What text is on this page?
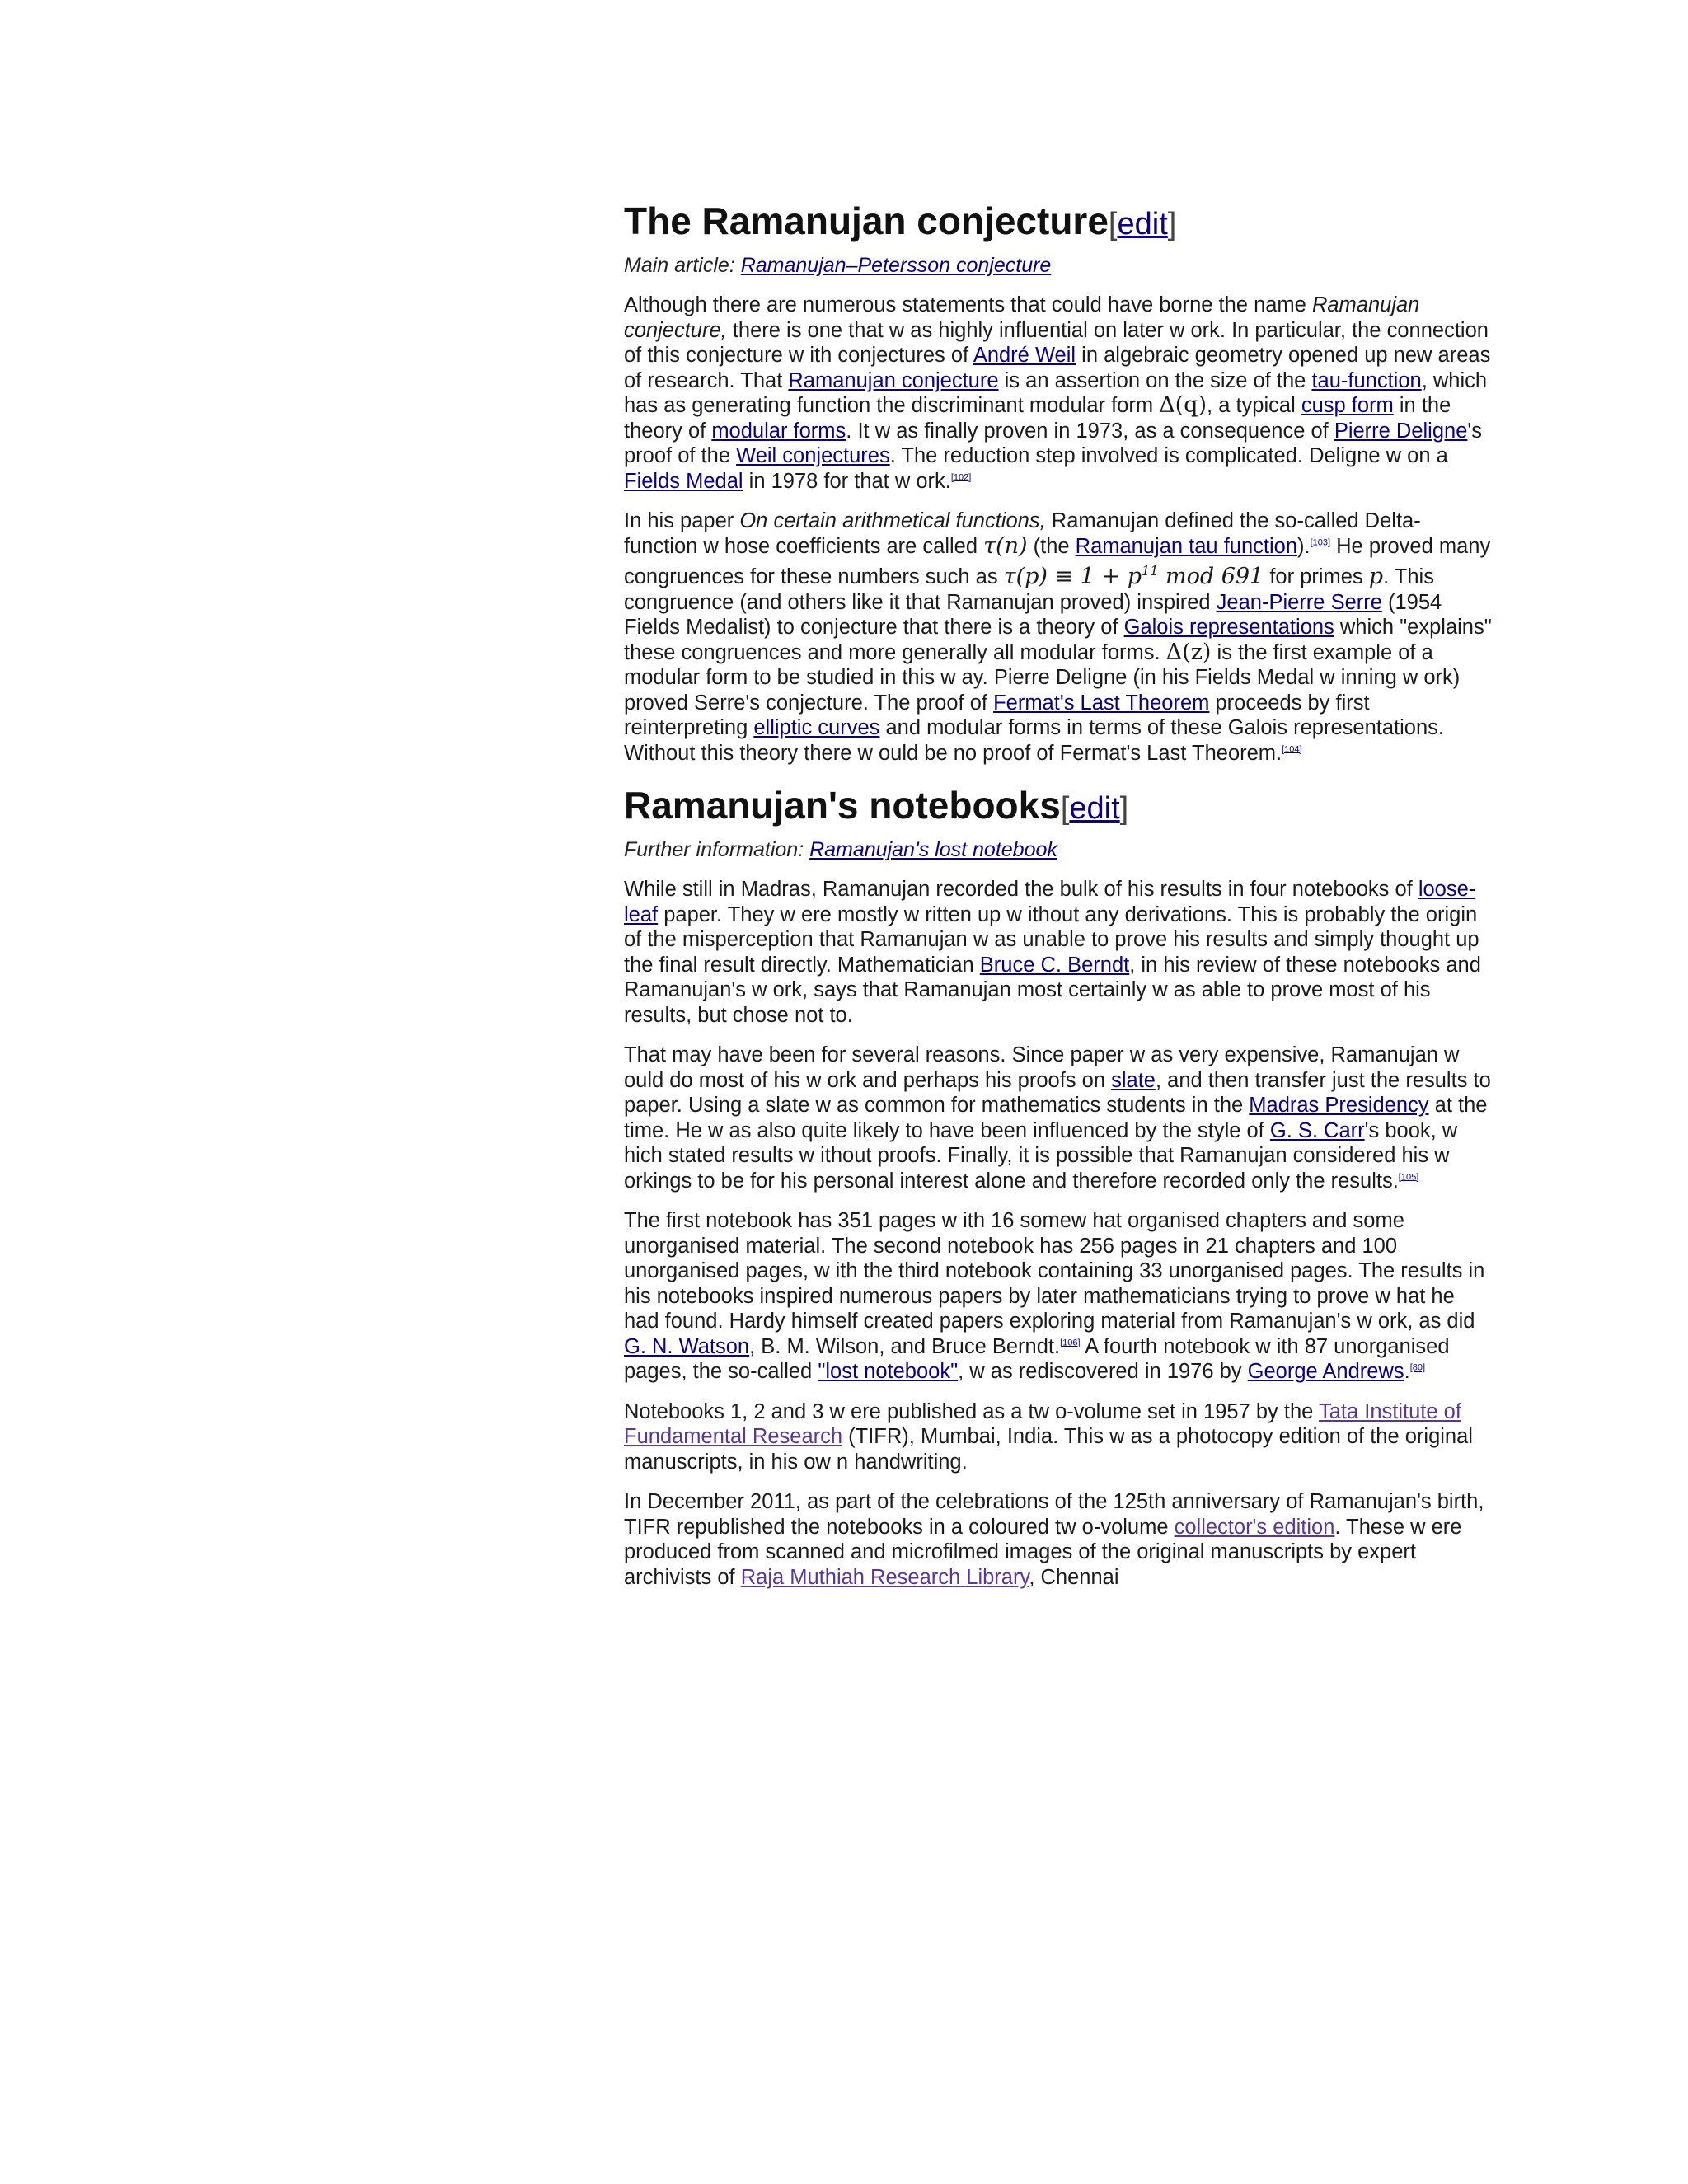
The Ramanujan conjecture[edit]
Main article: Ramanujan–Petersson conjecture

Although there are numerous statements that could have borne the name Ramanujan conjecture, there is one that w as highly influential on later w ork. In particular, the connection of this conjecture w ith conjectures of André Weil in algebraic geometry opened up new areas of research. That Ramanujan conjecture is an assertion on the size of the tau-function, which has as generating function the discriminant modular form Δ(q), a typical cusp form in the theory of modular forms. It w as finally proven in 1973, as a consequence of Pierre Deligne's proof of the Weil conjectures. The reduction step involved is complicated. Deligne w on a Fields Medal in 1978 for that w ork.[102]

In his paper On certain arithmetical functions, Ramanujan defined the so-called Delta-function w hose coefficients are called τ(n) (the Ramanujan tau function).[103] He proved many congruences for these numbers such as $\tau(p) \equiv 1 + p^{11}$ mod 691 for primes p. This congruence (and others like it that Ramanujan proved) inspired Jean-Pierre Serre (1954 Fields Medalist) to conjecture that there is a theory of Galois representations which "explains" these congruences and more generally all modular forms. Δ(z) is the first example of a modular form to be studied in this w ay. Pierre Deligne (in his Fields Medal w inning w ork) proved Serre's conjecture. The proof of Fermat's Last Theorem proceeds by first reinterpreting elliptic curves and modular forms in terms of these Galois representations. Without this theory there w ould be no proof of Fermat's Last Theorem.[104]

Ramanujan's notebooks[edit]
Further information: Ramanujan's lost notebook

While still in Madras, Ramanujan recorded the bulk of his results in four notebooks of loose-leaf paper. They w ere mostly w ritten up w ithout any derivations. This is probably the origin of the misperception that Ramanujan w as unable to prove his results and simply thought up the final result directly. Mathematician Bruce C. Berndt, in his review of these notebooks and Ramanujan's w ork, says that Ramanujan most certainly w as able to prove most of his results, but chose not to.

That may have been for several reasons. Since paper w as very expensive, Ramanujan w ould do most of his w ork and perhaps his proofs on slate, and then transfer just the results to paper. Using a slate w as common for mathematics students in the Madras Presidency at the time. He w as also quite likely to have been influenced by the style of G. S. Carr's book, w hich stated results w ithout proofs. Finally, it is possible that Ramanujan considered his w orkings to be for his personal interest alone and therefore recorded only the results.[105]

The first notebook has 351 pages w ith 16 somew hat organised chapters and some unorganised material. The second notebook has 256 pages in 21 chapters and 100 unorganised pages, w ith the third notebook containing 33 unorganised pages. The results in his notebooks inspired numerous papers by later mathematicians trying to prove w hat he had found. Hardy himself created papers exploring material from Ramanujan's w ork, as did G. N. Watson, B. M. Wilson, and Bruce Berndt.[106] A fourth notebook w ith 87 unorganised pages, the so-called "lost notebook", w as rediscovered in 1976 by George Andrews.[80]

Notebooks 1, 2 and 3 w ere published as a tw o-volume set in 1957 by the Tata Institute of Fundamental Research (TIFR), Mumbai, India. This w as a photocopy edition of the original manuscripts, in his ow n handwriting.

In December 2011, as part of the celebrations of the 125th anniversary of Ramanujan's birth, TIFR republished the notebooks in a coloured tw o-volume collector's edition. These w ere produced from scanned and microfilmed images of the original manuscripts by expert archivists of Raja Muthiah Research Library, Chennai
